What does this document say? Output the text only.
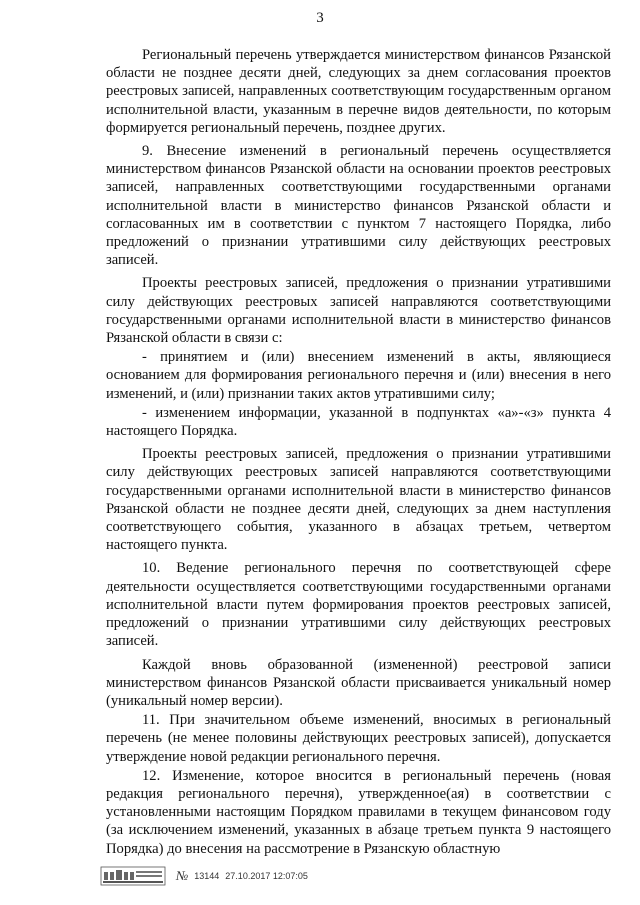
3

Региональный перечень утверждается министерством финансов Рязанской области не позднее десяти дней, следующих за днем согласования проектов реестровых записей, направленных соответствующим государственным органом исполнительной власти, указанным в перечне видов деятельности, по которым формируется региональный перечень, позднее других.

9. Внесение изменений в региональный перечень осуществляется министерством финансов Рязанской области на основании проектов реестровых записей, направленных соответствующими государственными органами исполнительной власти в министерство финансов Рязанской области и согласованных им в соответствии с пунктом 7 настоящего Порядка, либо предложений о признании утратившими силу действующих реестровых записей.

Проекты реестровых записей, предложения о признании утратившими силу действующих реестровых записей направляются соответствующими государственными органами исполнительной власти в министерство финансов Рязанской области в связи с:

- принятием и (или) внесением изменений в акты, являющиеся основанием для формирования регионального перечня и (или) внесения в него изменений, и (или) признании таких актов утратившими силу;

- изменением информации, указанной в подпунктах «а»-«з» пункта 4 настоящего Порядка.

Проекты реестровых записей, предложения о признании утратившими силу действующих реестровых записей направляются соответствующими государственными органами исполнительной власти в министерство финансов Рязанской области не позднее десяти дней, следующих за днем наступления соответствующего события, указанного в абзацах третьем, четвертом настоящего пункта.

10. Ведение регионального перечня по соответствующей сфере деятельности осуществляется соответствующими государственными органами исполнительной власти путем формирования проектов реестровых записей, предложений о признании утратившими силу действующих реестровых записей.

Каждой вновь образованной (измененной) реестровой записи министерством финансов Рязанской области присваивается уникальный номер (уникальный номер версии).

11. При значительном объеме изменений, вносимых в региональный перечень (не менее половины действующих реестровых записей), допускается утверждение новой редакции регионального перечня.

12. Изменение, которое вносится в региональный перечень (новая редакция регионального перечня), утвержденное(ая) в соответствии с установленными настоящим Порядком правилами в текущем финансовом году (за исключением изменений, указанных в абзаце третьем пункта 9 настоящего Порядка) до внесения на рассмотрение в Рязанскую областную

№ 13144 27.10.2017 12:07:05
